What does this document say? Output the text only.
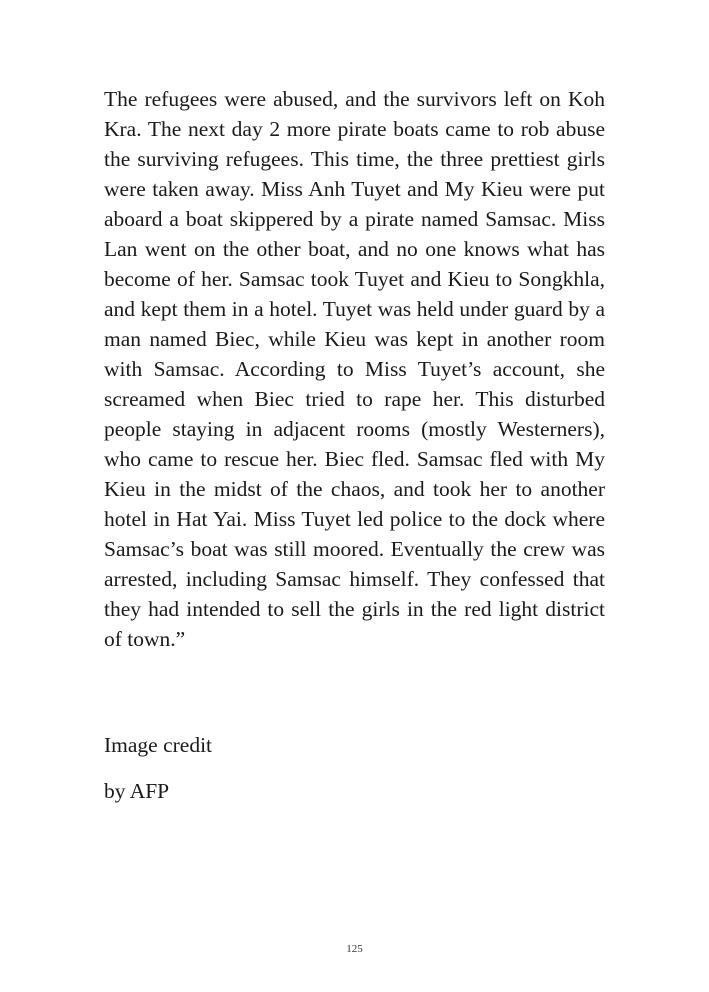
The refugees were abused, and the survivors left on Koh Kra. The next day 2 more pirate boats came to rob abuse the surviving refugees. This time, the three prettiest girls were taken away. Miss Anh Tuyet and My Kieu were put aboard a boat skippered by a pirate named Samsac. Miss Lan went on the other boat, and no one knows what has become of her. Samsac took Tuyet and Kieu to Songkhla, and kept them in a hotel. Tuyet was held under guard by a man named Biec, while Kieu was kept in another room with Samsac. According to Miss Tuyet’s account, she screamed when Biec tried to rape her. This disturbed people staying in adjacent rooms (mostly Westerners), who came to rescue her. Biec fled. Samsac fled with My Kieu in the midst of the chaos, and took her to another hotel in Hat Yai. Miss Tuyet led police to the dock where Samsac’s boat was still moored. Eventually the crew was arrested, including Samsac himself. They confessed that they had intended to sell the girls in the red light district of town.”

Image credit

by AFP

125
